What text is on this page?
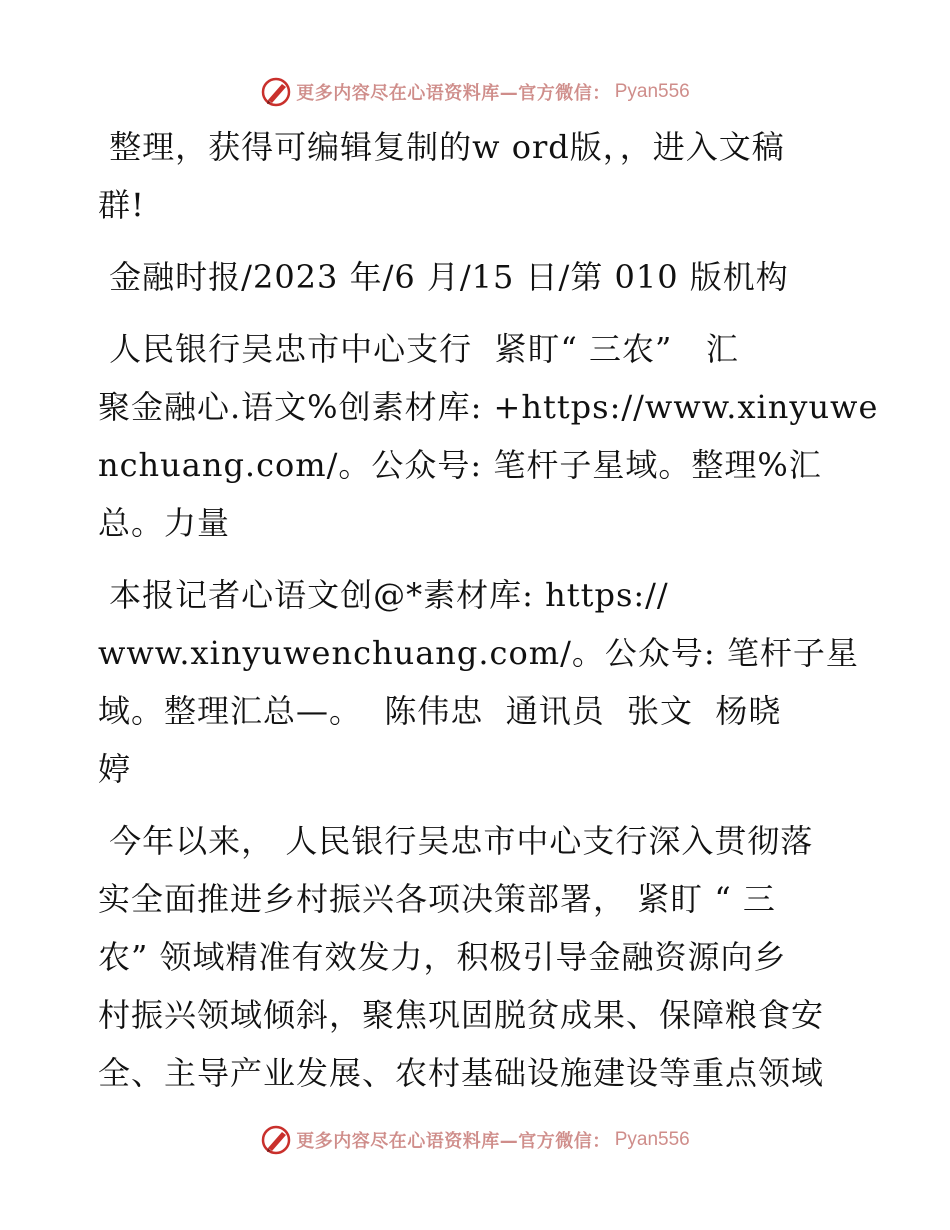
更多内容尽在心语资料库—官方微信： Pyan556

整理，获得可编辑复制的w ord版，，进入文稿
群!

金融时报/2023 年/6 月/15 日/第 010 版机构

人民银行吴忠市中心支行  紧盯“ 三农”   汇
聚金融心.语文%创素材库: +https://www.xinyuwe
nchuang.com/。公众号: 笔杆子星域。整理%汇
总。力量

本报记者心语文创@*素材库: https://
www.xinyuwenchuang.com/。公众号: 笔杆子星
域。整理汇总—。  陈伟忠  通讯员  张文  杨晓
婷

今年以来， 人民银行吴忠市中心支行深入贯彻落
实全面推进乡村振兴各项决策部署， 紧盯 “ 三
农” 领域精准有效发力，积极引导金融资源向乡
村振兴领域倾斜，聚焦巩固脱贫成果、保障粮食安
全、主导产业发展、农村基础设施建设等重点领域

更多内容尽在心语资料库—官方微信： Pyan556
